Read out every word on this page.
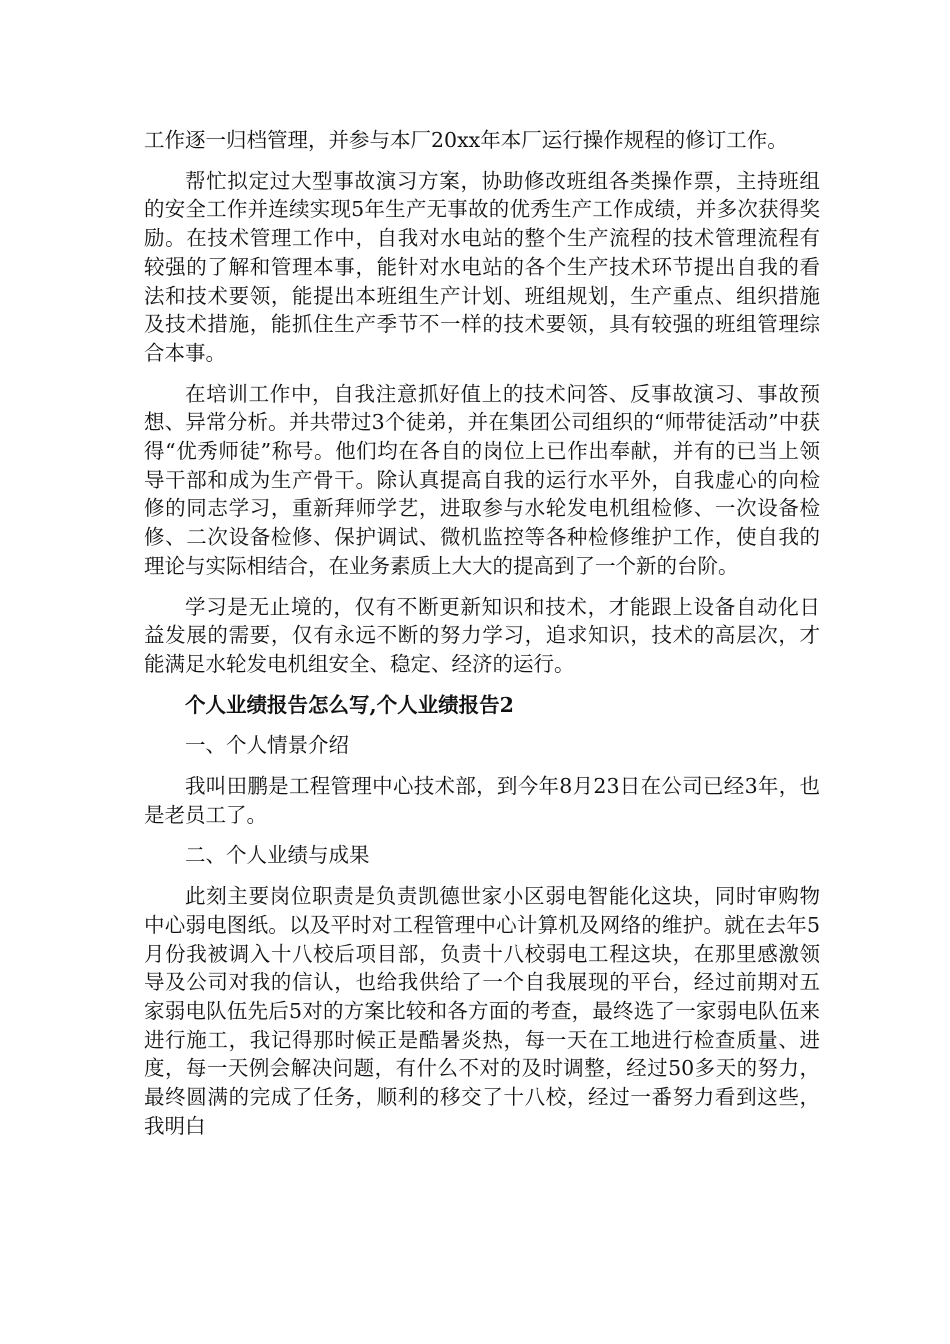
工作逐一归档管理，并参与本厂20xx年本厂运行操作规程的修订工作。

帮忙拟定过大型事故演习方案，协助修改班组各类操作票，主持班组的安全工作并连续实现5年生产无事故的优秀生产工作成绩，并多次获得奖励。在技术管理工作中，自我对水电站的整个生产流程的技术管理流程有较强的了解和管理本事，能针对水电站的各个生产技术环节提出自我的看法和技术要领，能提出本班组生产计划、班组规划，生产重点、组织措施及技术措施，能抓住生产季节不一样的技术要领，具有较强的班组管理综合本事。

在培训工作中，自我注意抓好值上的技术问答、反事故演习、事故预想、异常分析。并共带过3个徒弟，并在集团公司组织的“师带徒活动”中获得“优秀师徒”称号。他们均在各自的岗位上已作出奉献，并有的已当上领导干部和成为生产骨干。除认真提高自我的运行水平外，自我虚心的向检修的同志学习，重新拜师学艺，进取参与水轮发电机组检修、一次设备检修、二次设备检修、保护调试、微机监控等各种检修维护工作，使自我的理论与实际相结合，在业务素质上大大的提高到了一个新的台阶。

学习是无止境的，仅有不断更新知识和技术，才能跟上设备自动化日益发展的需要，仅有永远不断的努力学习，追求知识，技术的高层次，才能满足水轮发电机组安全、稳定、经济的运行。

个人业绩报告怎么写,个人业绩报告2

一、个人情景介绍

我叫田鹏是工程管理中心技术部，到今年8月23日在公司已经3年，也是老员工了。

二、个人业绩与成果

此刻主要岗位职责是负责凯德世家小区弱电智能化这块，同时审购物中心弱电图纸。以及平时对工程管理中心计算机及网络的维护。就在去年5月份我被调入十八校后项目部，负责十八校弱电工程这块，在那里感激领导及公司对我的信认，也给我供给了一个自我展现的平台，经过前期对五家弱电队伍先后5对的方案比较和各方面的考查，最终选了一家弱电队伍来进行施工，我记得那时候正是酷暑炎热，每一天在工地进行检查质量、进度，每一天例会解决问题，有什么不对的及时调整，经过50多天的努力，最终圆满的完成了任务，顺利的移交了十八校，经过一番努力看到这些，我明白
